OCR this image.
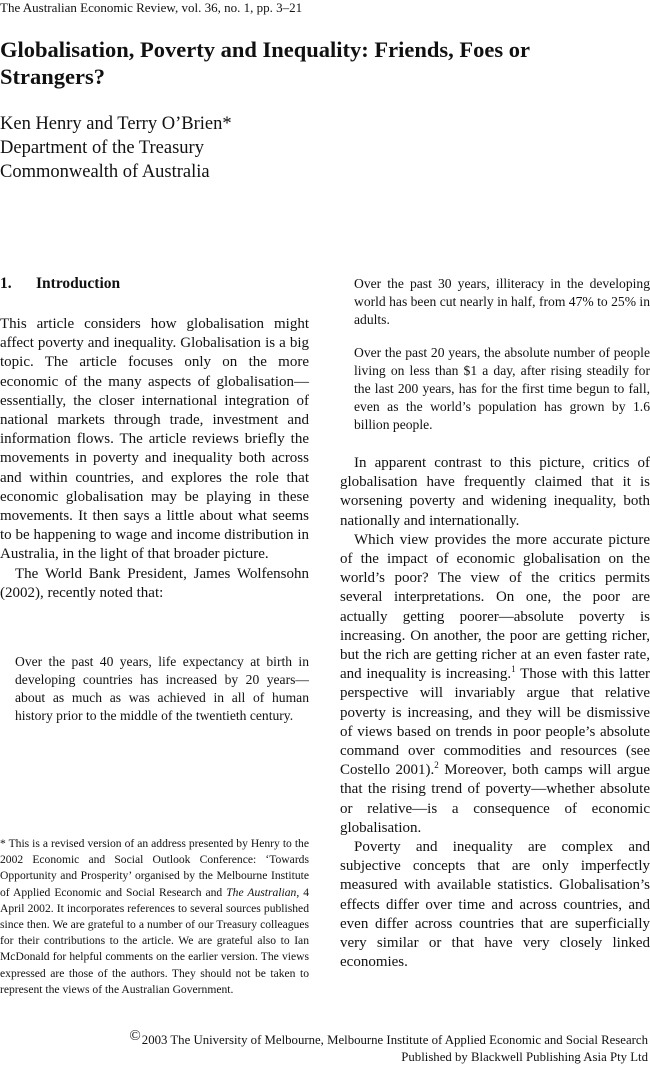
The Australian Economic Review, vol. 36, no. 1, pp. 3–21
Globalisation, Poverty and Inequality: Friends, Foes or Strangers?
Ken Henry and Terry O’Brien*
Department of the Treasury
Commonwealth of Australia
1. Introduction

This article considers how globalisation might affect poverty and inequality. Globalisation is a big topic. The article focuses only on the more economic of the many aspects of globalisation—essentially, the closer international integration of national markets through trade, investment and information flows. The article reviews briefly the movements in poverty and inequality both across and within countries, and explores the role that economic globalisation may be playing in these movements. It then says a little about what seems to be happening to wage and income distribution in Australia, in the light of that broader picture.

The World Bank President, James Wolfensohn (2002), recently noted that:

Over the past 40 years, life expectancy at birth in developing countries has increased by 20 years—about as much as was achieved in all of human history prior to the middle of the twentieth century.

* This is a revised version of an address presented by Henry to the 2002 Economic and Social Outlook Conference: ‘Towards Opportunity and Prosperity’ organised by the Melbourne Institute of Applied Economic and Social Research and The Australian, 4 April 2002. It incorporates references to several sources published since then. We are grateful to a number of our Treasury colleagues for their contributions to the article. We are grateful also to Ian McDonald for helpful comments on the earlier version. The views expressed are those of the authors. They should not be taken to represent the views of the Australian Government.

Over the past 30 years, illiteracy in the developing world has been cut nearly in half, from 47% to 25% in adults.

Over the past 20 years, the absolute number of people living on less than $1 a day, after rising steadily for the last 200 years, has for the first time begun to fall, even as the world’s population has grown by 1.6 billion people.

In apparent contrast to this picture, critics of globalisation have frequently claimed that it is worsening poverty and widening inequality, both nationally and internationally.

Which view provides the more accurate picture of the impact of economic globalisation on the world’s poor? The view of the critics permits several interpretations. On one, the poor are actually getting poorer—absolute poverty is increasing. On another, the poor are getting richer, but the rich are getting richer at an even faster rate, and inequality is increasing.$^1$ Those with this latter perspective will invariably argue that relative poverty is increasing, and they will be dismissive of views based on trends in poor people’s absolute command over commodities and resources (see Costello 2001).$^2$ Moreover, both camps will argue that the rising trend of poverty—whether absolute or relative—is a consequence of economic globalisation.

Poverty and inequality are complex and subjective concepts that are only imperfectly measured with available statistics. Globalisation’s effects differ over time and across countries, and even differ across countries that are superficially very similar or that have very closely linked economies.

©2003 The University of Melbourne, Melbourne Institute of Applied Economic and Social Research
Published by Blackwell Publishing Asia Pty Ltd
